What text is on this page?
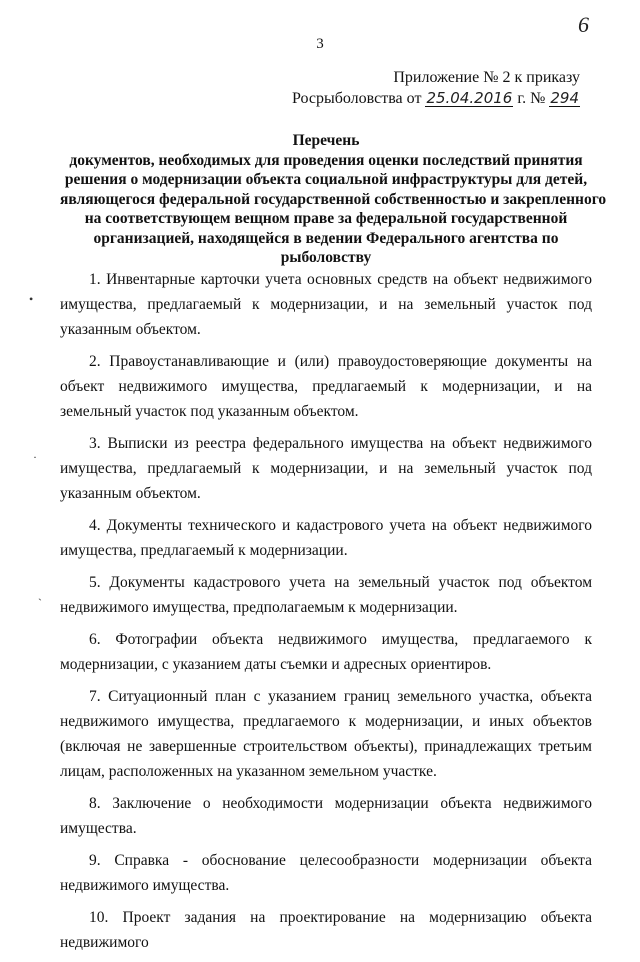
3
6
Приложение № 2 к приказу
Росрыболовства от 25.04.2016 г. № 294
Перечень
документов, необходимых для проведения оценки последствий принятия
решения о модернизации объекта социальной инфраструктуры для детей,
являющегося федеральной государственной собственностью и закрепленного
на соответствующем вещном праве за федеральной государственной
организацией, находящейся в ведении Федерального агентства по
рыболовству

1. Инвентарные карточки учета основных средств на объект недвижимого имущества, предлагаемый к модернизации, и на земельный участок под указанным объектом.

2. Правоустанавливающие и (или) правоудостоверяющие документы на объект недвижимого имущества, предлагаемый к модернизации, и на земельный участок под указанным объектом.

3. Выписки из реестра федерального имущества на объект недвижимого имущества, предлагаемый к модернизации, и на земельный участок под указанным объектом.

4. Документы технического и кадастрового учета на объект недвижимого имущества, предлагаемый к модернизации.

5. Документы кадастрового учета на земельный участок под объектом недвижимого имущества, предполагаемым к модернизации.

6. Фотографии объекта недвижимого имущества, предлагаемого к модернизации, с указанием даты съемки и адресных ориентиров.

7. Ситуационный план с указанием границ земельного участка, объекта недвижимого имущества, предлагаемого к модернизации, и иных объектов (включая не завершенные строительством объекты), принадлежащих третьим лицам, расположенных на указанном земельном участке.

8. Заключение о необходимости модернизации объекта недвижимого имущества.

9. Справка - обоснование целесообразности модернизации объекта недвижимого имущества.

10. Проект задания на проектирование на модернизацию объекта недвижимого

•
·
ˋ
